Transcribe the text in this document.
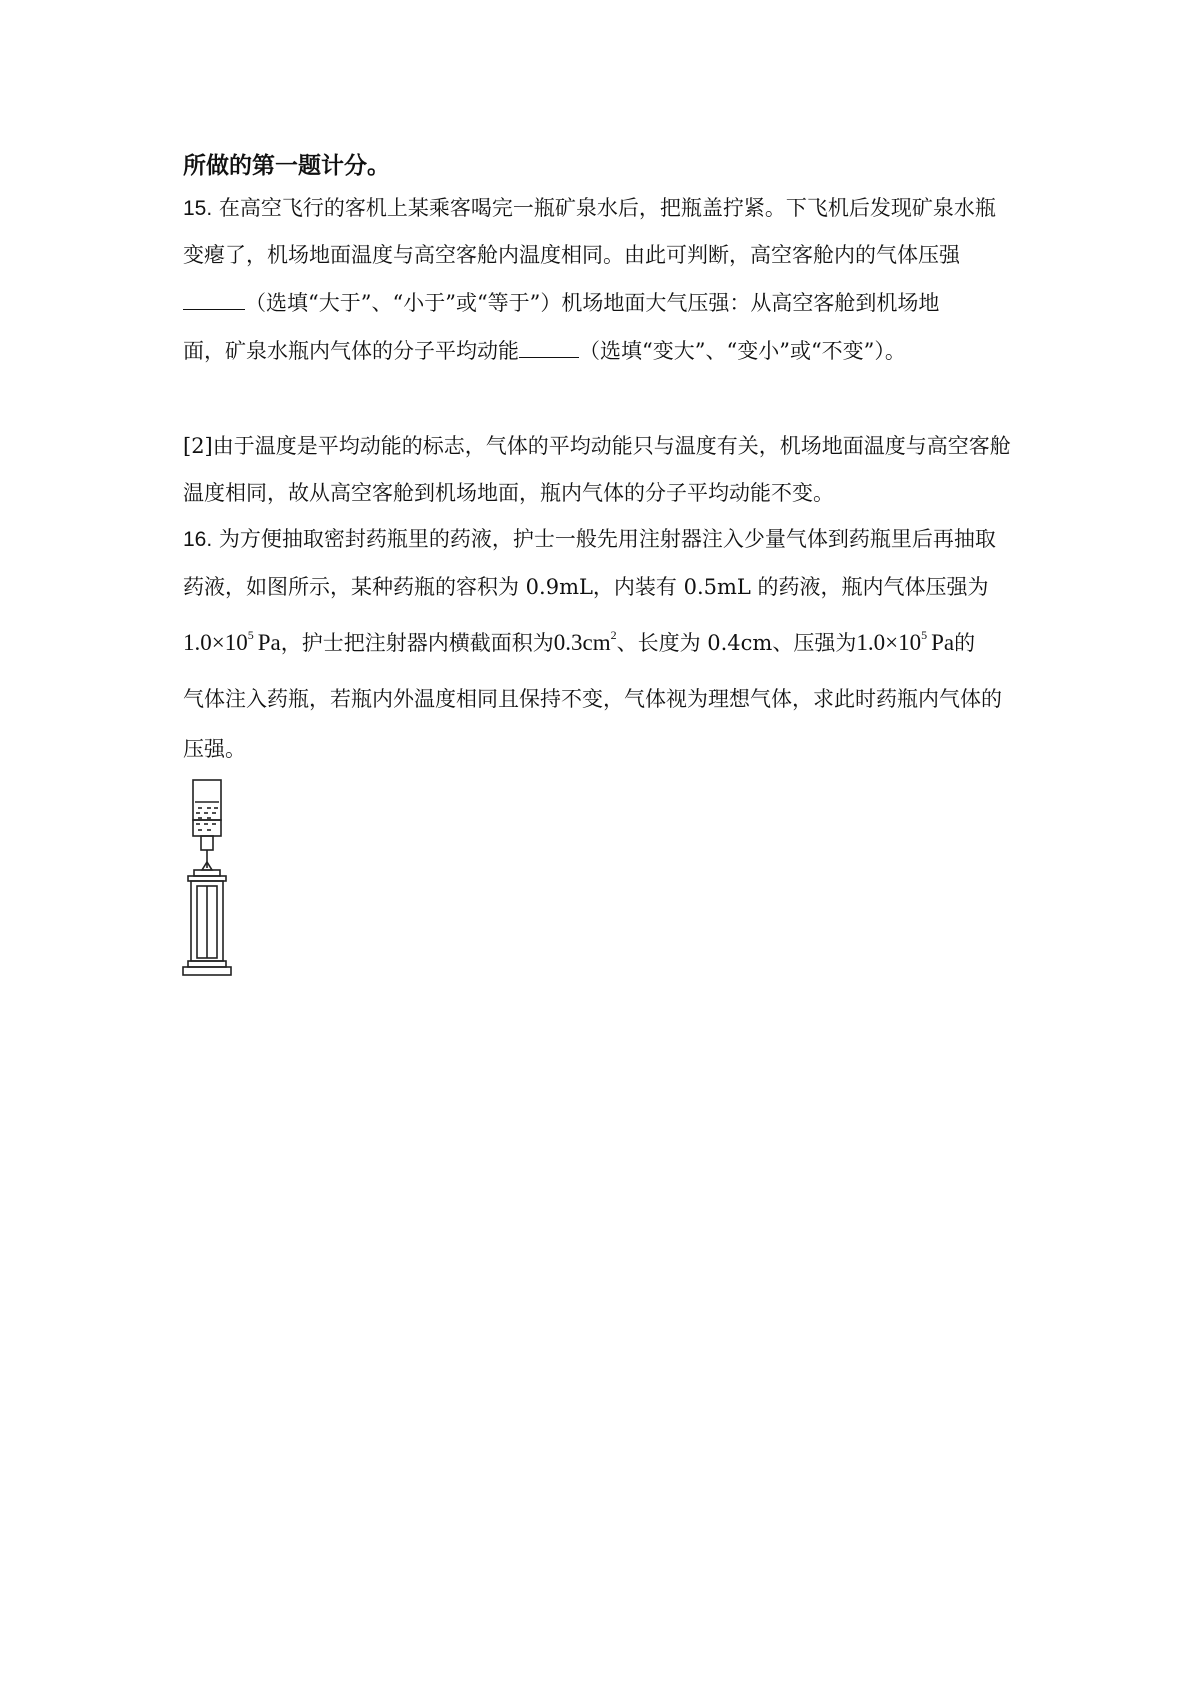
所做的第一题计分。
15. 在高空飞行的客机上某乘客喝完一瓶矿泉水后，把瓶盖拧紧。下飞机后发现矿泉水瓶
变瘪了，机场地面温度与高空客舱内温度相同。由此可判断，高空客舱内的气体压强
（选填“大于”、“小于”或“等于”）机场地面大气压强：从高空客舱到机场地
面，矿泉水瓶内气体的分子平均动能	（选填“变大”、“变小”或“不变”）。
[2]由于温度是平均动能的标志，气体的平均动能只与温度有关，机场地面温度与高空客舱
温度相同，故从高空客舱到机场地面，瓶内气体的分子平均动能不变。
16. 为方便抽取密封药瓶里的药液，护士一般先用注射器注入少量气体到药瓶里后再抽取
药液，如图所示，某种药瓶的容积为 0.9mL，内装有 0.5mL 的药液，瓶内气体压强为
$1.0\times 10^5$ Pa，护士把注射器内横截面积为$0.3cm^2$、长度为 0.4cm、压强为$1.0\times 10^5$ Pa的
气体注入药瓶，若瓶内外温度相同且保持不变，气体视为理想气体，求此时药瓶内气体的
压强。
